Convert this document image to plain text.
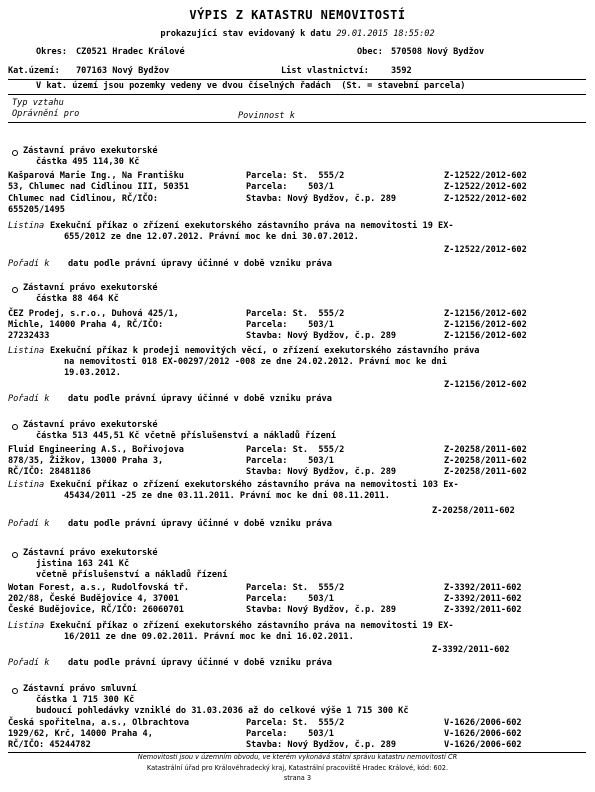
VÝPIS Z KATASTRU NEMOVITOSTÍ
prokazující stav evidovaný k datu 29.01.2015 18:55:02
Okres: CZ0521 Hradec Králové	Obec: 570508 Nový Bydžov
Kat.území: 707163 Nový Bydžov	List vlastnictví:	3592
V kat. území jsou pozemky vedeny ve dvou číselných řadách  (St. = stavební parcela)
Typ vztahu
Oprávnění pro	Povinnost k
Zástavní právo exekutorské
částka 495 114,30 Kč
Kašparová Marie Ing., Na Františku	Parcela: St.  555/2	Z-12522/2012-602
53, Chlumec nad Cidlinou III, 50351	Parcela:    503/1	Z-12522/2012-602
Chlumec nad Cidlinou, RČ/IČO:	Stavba: Nový Bydžov, č.p. 289	Z-12522/2012-602
655205/1495
Listina Exekuční příkaz o zřízení exekutorského zástavního práva na nemovitosti 19 EX-
655/2012 ze dne 12.07.2012. Právní moc ke dni 30.07.2012.
Z-12522/2012-602
Pořadí k datu podle právní úpravy účinné v době vzniku práva
Zástavní právo exekutorské
částka 88 464 Kč
ČEZ Prodej, s.r.o., Duhová 425/1,	Parcela: St.  555/2	Z-12156/2012-602
Michle, 14000 Praha 4, RČ/IČO:	Parcela:    503/1	Z-12156/2012-602
27232433	Stavba: Nový Bydžov, č.p. 289	Z-12156/2012-602
Listina Exekuční příkaz k prodeji nemovitých věcí, o zřízení exekutorského zástavního práva
na nemovitosti 018 EX-00297/2012 -008 ze dne 24.02.2012. Právní moc ke dni
19.03.2012.
Z-12156/2012-602
Pořadí k datu podle právní úpravy účinné v době vzniku práva
Zástavní právo exekutorské
částka 513 445,51 Kč včetně příslušenství a nákladů řízení
Fluid Engineering A.S., Bořivojova	Parcela: St.  555/2	Z-20258/2011-602
878/35, Žižkov, 13000 Praha 3,	Parcela:    503/1	Z-20258/2011-602
RČ/IČO: 28481186	Stavba: Nový Bydžov, č.p. 289	Z-20258/2011-602
Listina Exekuční příkaz o zřízení exekutorského zástavního práva na nemovitosti 103 Ex-
45434/2011 -25 ze dne 03.11.2011. Právní moc ke dni 08.11.2011.
Z-20258/2011-602
Pořadí k datu podle právní úpravy účinné v době vzniku práva
Zástavní právo exekutorské
jistina 163 241 Kč
včetně příslušenství a nákladů řízení
Wotan Forest, a.s., Rudolfovská tř.	Parcela: St.  555/2	Z-3392/2011-602
202/88, České Budějovice 4, 37001	Parcela:    503/1	Z-3392/2011-602
České Budějovice, RČ/IČO: 26060701	Stavba: Nový Bydžov, č.p. 289	Z-3392/2011-602
Listina Exekuční příkaz o zřízení exekutorského zástavního práva na nemovitosti 19 EX-
16/2011 ze dne 09.02.2011. Právní moc ke dni 16.02.2011.
Z-3392/2011-602
Pořadí k datu podle právní úpravy účinné v době vzniku práva
Zástavní právo smluvní
částka 1 715 300 Kč
budoucí pohledávky vzniklé do 31.03.2036 až do celkové výše 1 715 300 Kč
Česká spořitelna, a.s., Olbrachtova	Parcela: St.  555/2	V-1626/2006-602
1929/62, Krč, 14000 Praha 4,	Parcela:    503/1	V-1626/2006-602
RČ/IČO: 45244782	Stavba: Nový Bydžov, č.p. 289	V-1626/2006-602
Nemovitosti jsou v územním obvodu, ve kterém vykonává státní správu katastru nemovitostí ČR
Katastrální úřad pro Královéhradecký kraj, Katastrální pracoviště Hradec Králové, kód: 602.
strana 3
